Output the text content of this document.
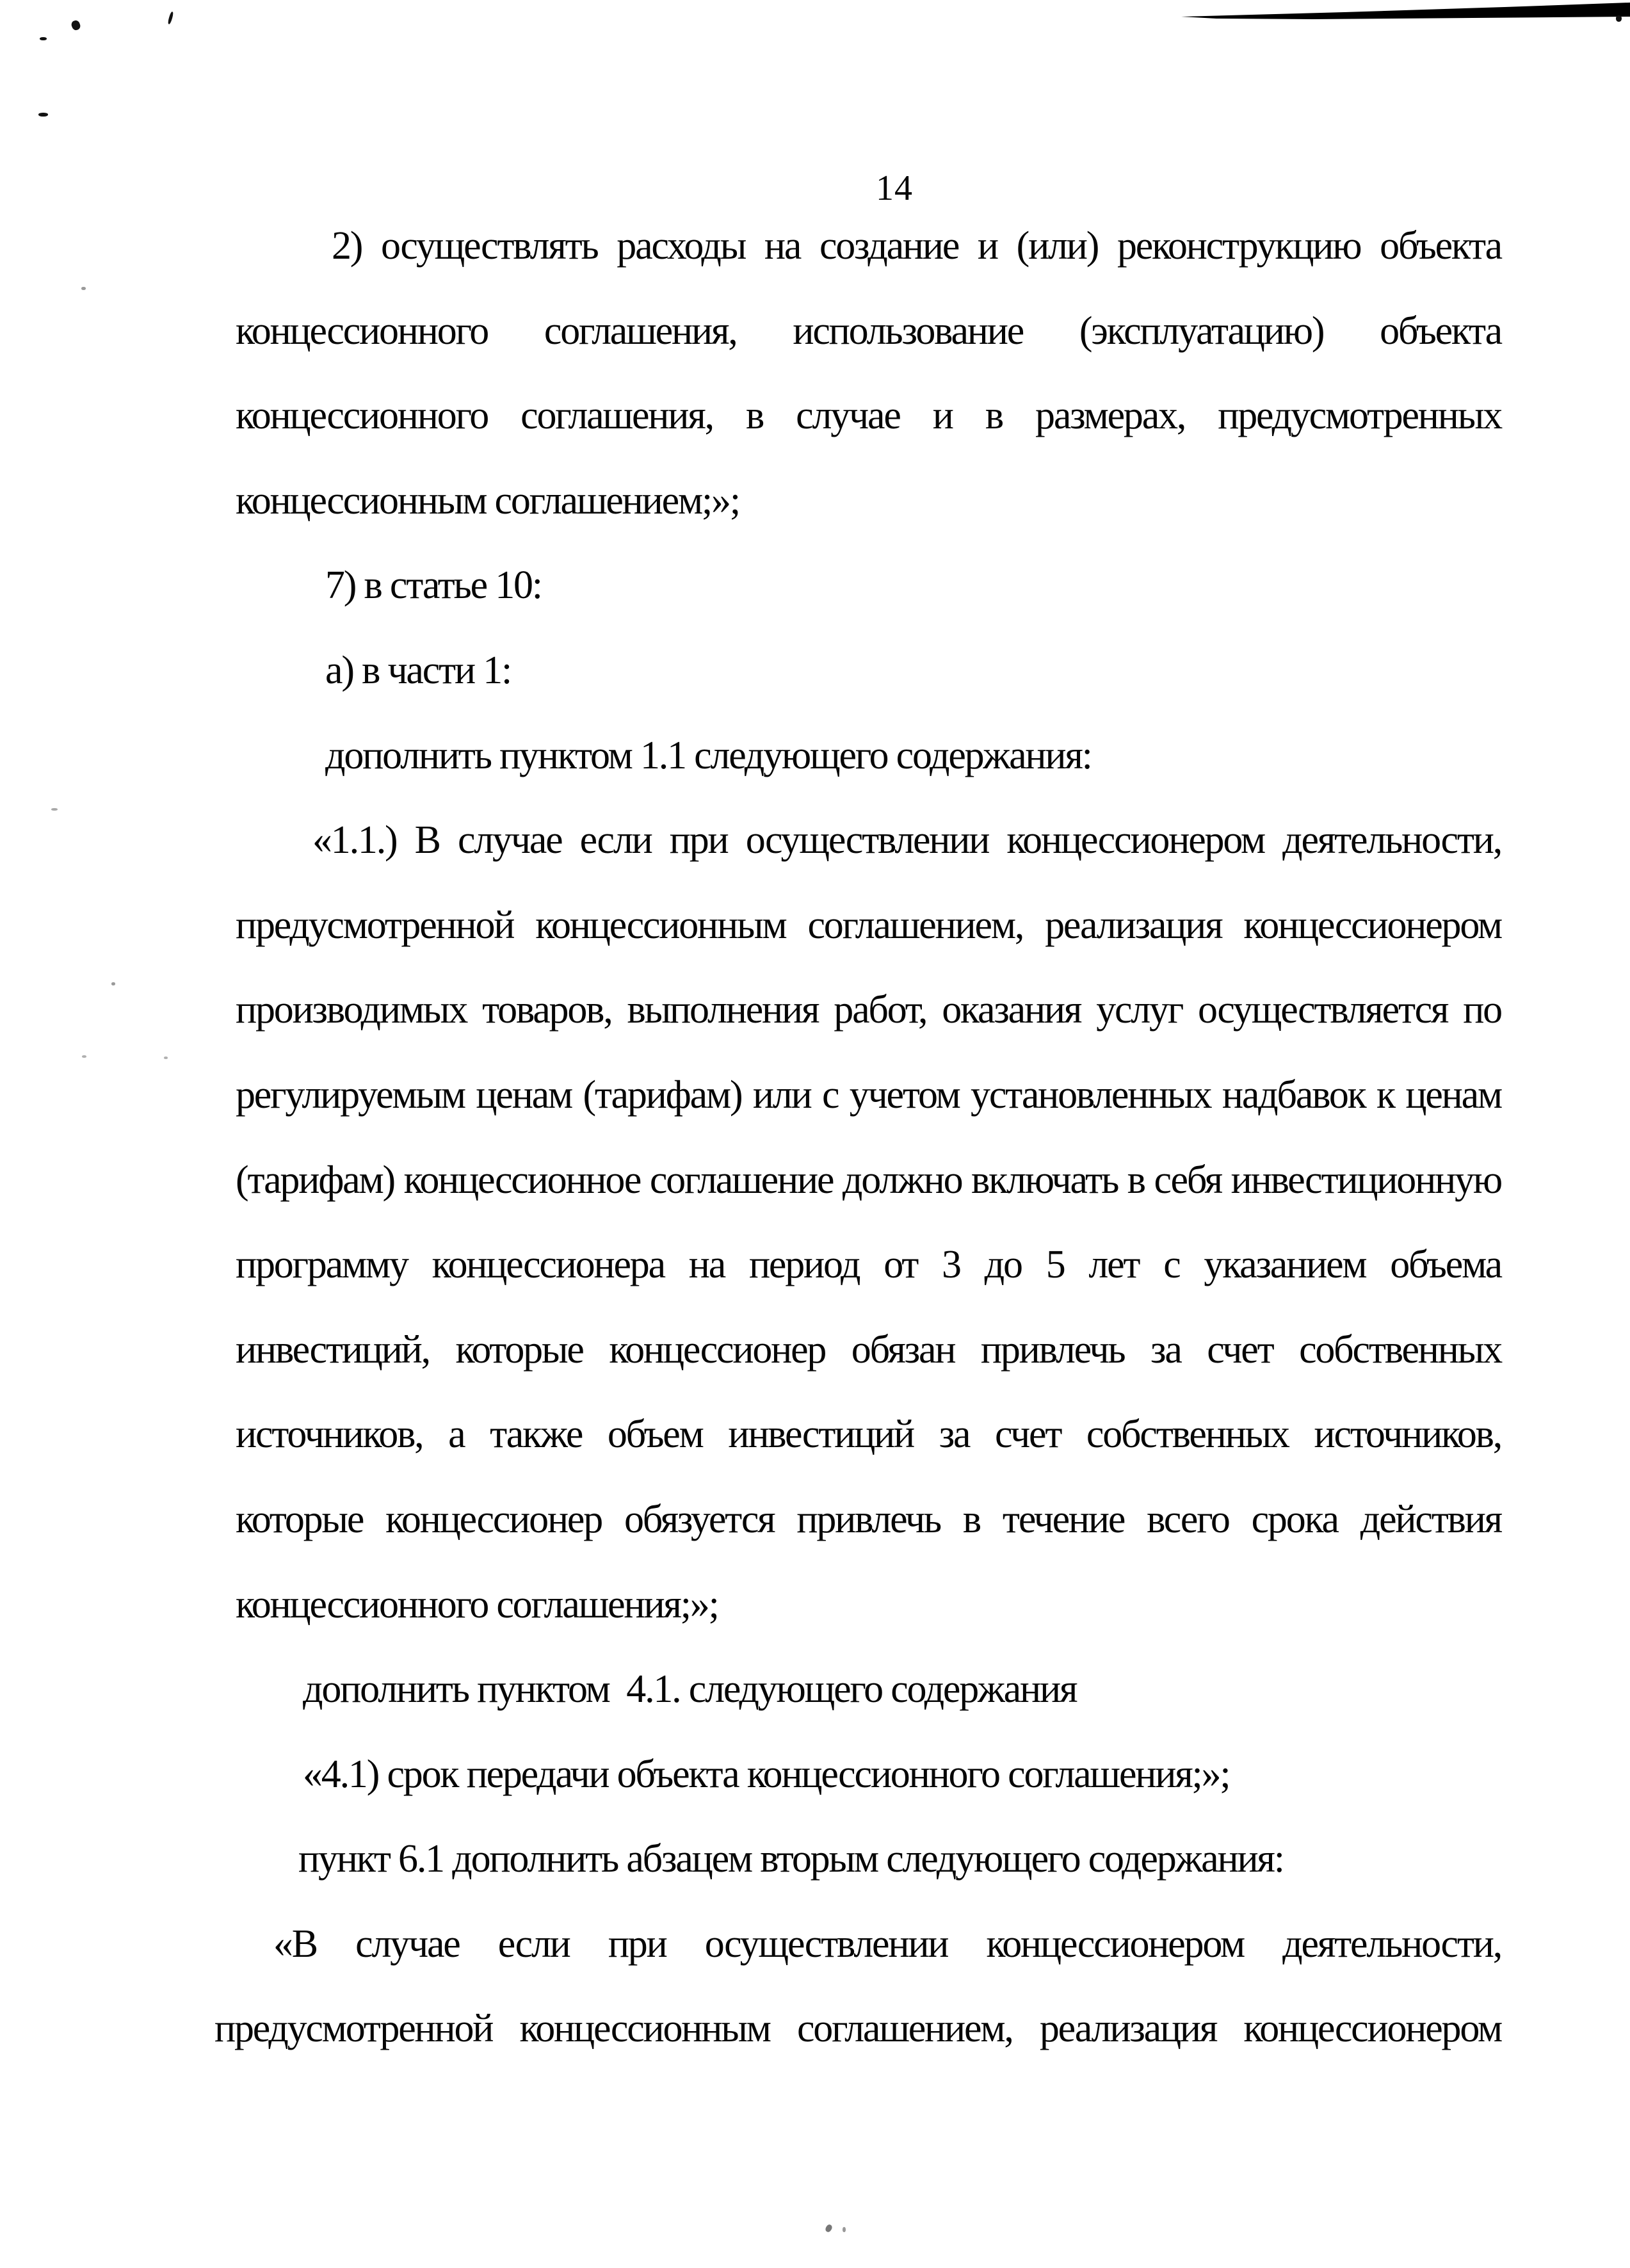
14
2) осуществлять расходы на создание и (или) реконструкцию объекта
концессионного соглашения, использование (эксплуатацию) объекта
концессионного соглашения, в случае и в размерах, предусмотренных
концессионным соглашением;»;
7) в статье 10:
а) в части 1:
дополнить пунктом 1.1 следующего содержания:
«1.1.) В случае если при осуществлении концессионером деятельности,
предусмотренной концессионным соглашением, реализация концессионером
производимых товаров, выполнения работ, оказания услуг осуществляется по
регулируемым ценам (тарифам) или с учетом установленных надбавок к ценам
(тарифам) концессионное соглашение должно включать в себя инвестиционную
программу концессионера на период от 3 до 5 лет с указанием объема
инвестиций, которые концессионер обязан привлечь за счет собственных
источников, а также объем инвестиций за счет собственных источников,
которые концессионер обязуется привлечь в течение всего срока действия
концессионного соглашения;»;
дополнить пунктом  4.1. следующего содержания
«4.1) срок передачи объекта концессионного соглашения;»;
пункт 6.1 дополнить абзацем вторым следующего содержания:
«В случае если при осуществлении концессионером деятельности,
предусмотренной концессионным соглашением, реализация концессионером
